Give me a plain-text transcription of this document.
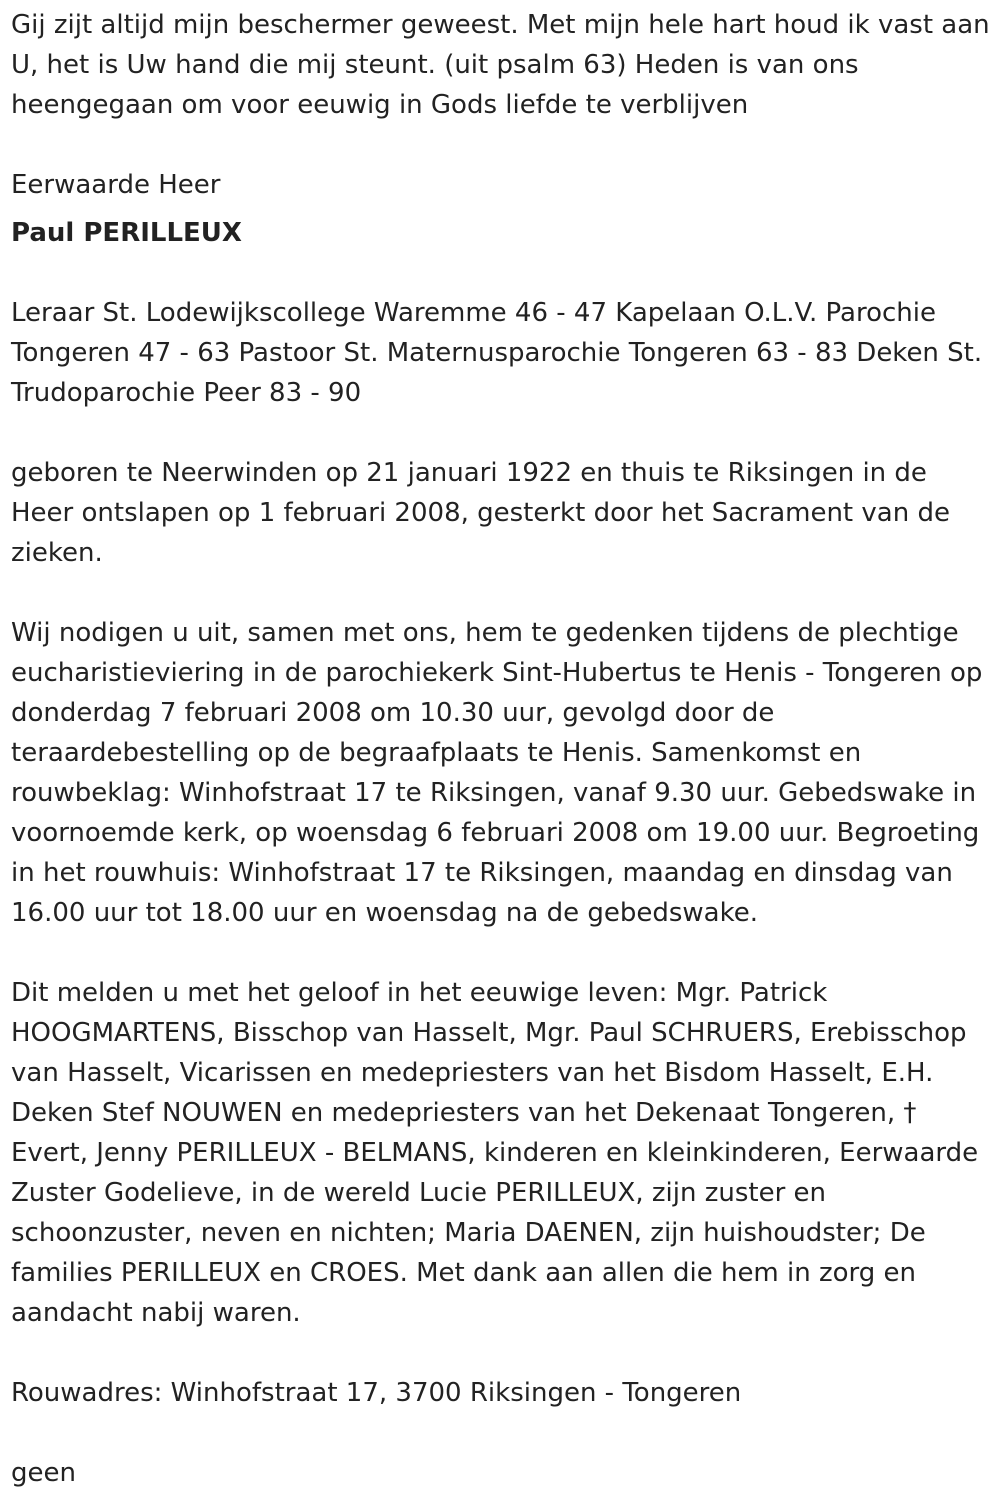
Gij zijt altijd mijn beschermer geweest. Met mijn hele hart houd ik vast aan U, het is Uw hand die mij steunt. (uit psalm 63) Heden is van ons heengegaan om voor eeuwig in Gods liefde te verblijven

Eerwaarde Heer

Paul PERILLEUX

Leraar St. Lodewijkscollege Waremme 46 - 47 Kapelaan O.L.V. Parochie Tongeren 47 - 63 Pastoor St. Maternusparochie Tongeren 63 - 83 Deken St. Trudoparochie Peer 83 - 90

geboren te Neerwinden op 21 januari 1922 en thuis te Riksingen in de Heer ontslapen op 1 februari 2008, gesterkt door het Sacrament van de zieken.

Wij nodigen u uit, samen met ons, hem te gedenken tijdens de plechtige eucharistieviering in de parochiekerk Sint-Hubertus te Henis - Tongeren op donderdag 7 februari 2008 om 10.30 uur, gevolgd door de teraardebestelling op de begraafplaats te Henis. Samenkomst en rouwbeklag: Winhofstraat 17 te Riksingen, vanaf 9.30 uur. Gebedswake in voornoemde kerk, op woensdag 6 februari 2008 om 19.00 uur. Begroeting in het rouwhuis: Winhofstraat 17 te Riksingen, maandag en dinsdag van 16.00 uur tot 18.00 uur en woensdag na de gebedswake.

Dit melden u met het geloof in het eeuwige leven: Mgr. Patrick HOOGMARTENS, Bisschop van Hasselt, Mgr. Paul SCHRUERS, Erebisschop van Hasselt, Vicarissen en medepriesters van het Bisdom Hasselt, E.H. Deken Stef NOUWEN en medepriesters van het Dekenaat Tongeren, † Evert, Jenny PERILLEUX - BELMANS, kinderen en kleinkinderen, Eerwaarde Zuster Godelieve, in de wereld Lucie PERILLEUX, zijn zuster en schoonzuster, neven en nichten; Maria DAENEN, zijn huishoudster; De families PERILLEUX en CROES. Met dank aan allen die hem in zorg en aandacht nabij waren.

Rouwadres: Winhofstraat 17, 3700 Riksingen - Tongeren

geen
